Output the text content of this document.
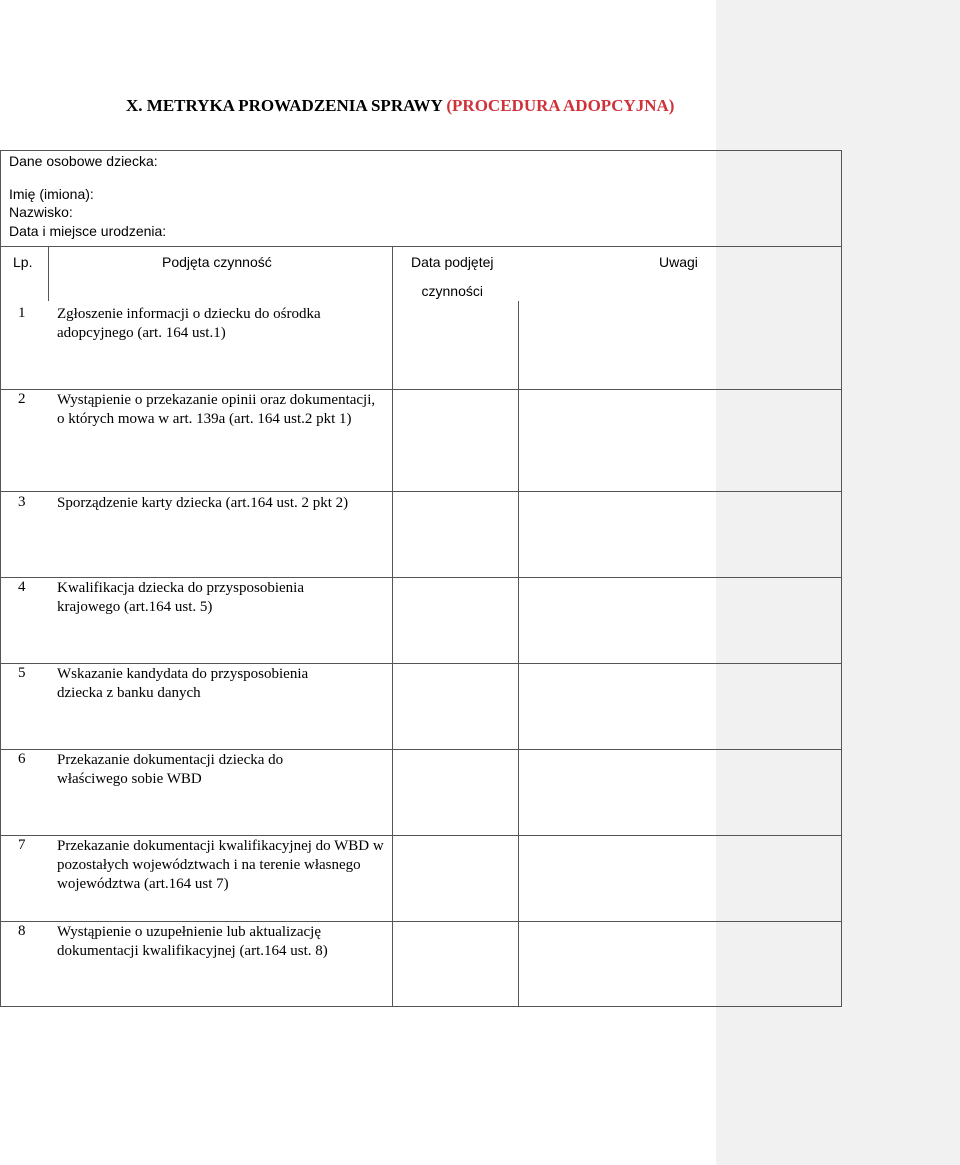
X. METRYKA PROWADZENIA SPRAWY (PROCEDURA ADOPCYJNA)
Dane osobowe dziecka:
Imię (imiona):
Nazwisko:
Data i miejsce urodzenia:
Lp.	Podjęta czynność	Data podjętej
czynności
Uwagi
1 Zgłoszenie informacji o dziecku do ośrodka adopcyjnego (art. 164 ust.1)
2 Wystąpienie o przekazanie opinii oraz dokumentacji, o których mowa w art. 139a (art. 164 ust.2 pkt 1)
3 Sporządzenie karty dziecka (art.164 ust. 2 pkt 2)
4 Kwalifikacja dziecka do przysposobienia krajowego (art.164 ust. 5)
5 Wskazanie kandydata do przysposobienia dziecka z banku danych
6 Przekazanie dokumentacji dziecka do właściwego sobie WBD
7 Przekazanie dokumentacji kwalifikacyjnej do WBD w pozostałych województwach i na terenie własnego województwa (art.164 ust 7)
8 Wystąpienie o uzupełnienie lub aktualizację dokumentacji kwalifikacyjnej (art.164 ust. 8)
